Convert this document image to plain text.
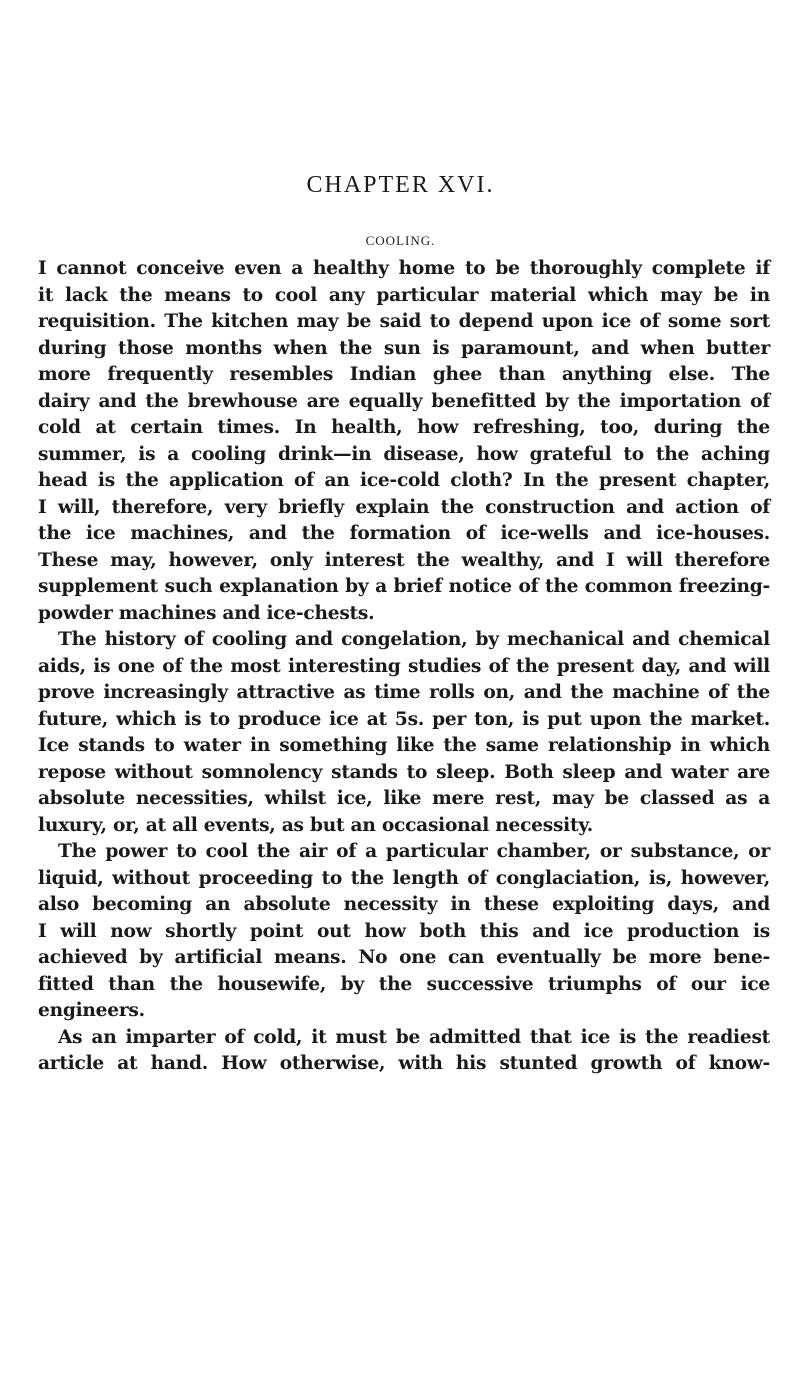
CHAPTER XVI.
COOLING.
I cannot conceive even a healthy home to be thoroughly complete if
it lack the means to cool any particular material which may be in
requisition. The kitchen may be said to depend upon ice of some sort
during those months when the sun is paramount, and when butter
more frequently resembles Indian ghee than anything else. The
dairy and the brewhouse are equally benefitted by the importation of
cold at certain times. In health, how refreshing, too, during the
summer, is a cooling drink—in disease, how grateful to the aching
head is the application of an ice-cold cloth? In the present chapter,
I will, therefore, very briefly explain the construction and action of
the ice machines, and the formation of ice-wells and ice-houses.
These may, however, only interest the wealthy, and I will therefore
supplement such explanation by a brief notice of the common freezing-
powder machines and ice-chests.
The history of cooling and congelation, by mechanical and chemical
aids, is one of the most interesting studies of the present day, and will
prove increasingly attractive as time rolls on, and the machine of the
future, which is to produce ice at 5s. per ton, is put upon the market.
Ice stands to water in something like the same relationship in which
repose without somnolency stands to sleep. Both sleep and water are
absolute necessities, whilst ice, like mere rest, may be classed as a
luxury, or, at all events, as but an occasional necessity.
The power to cool the air of a particular chamber, or substance, or
liquid, without proceeding to the length of conglaciation, is, however,
also becoming an absolute necessity in these exploiting days, and
I will now shortly point out how both this and ice production is
achieved by artificial means. No one can eventually be more bene-
fitted than the housewife, by the successive triumphs of our ice
engineers.
As an imparter of cold, it must be admitted that ice is the readiest
article at hand. How otherwise, with his stunted growth of know-
